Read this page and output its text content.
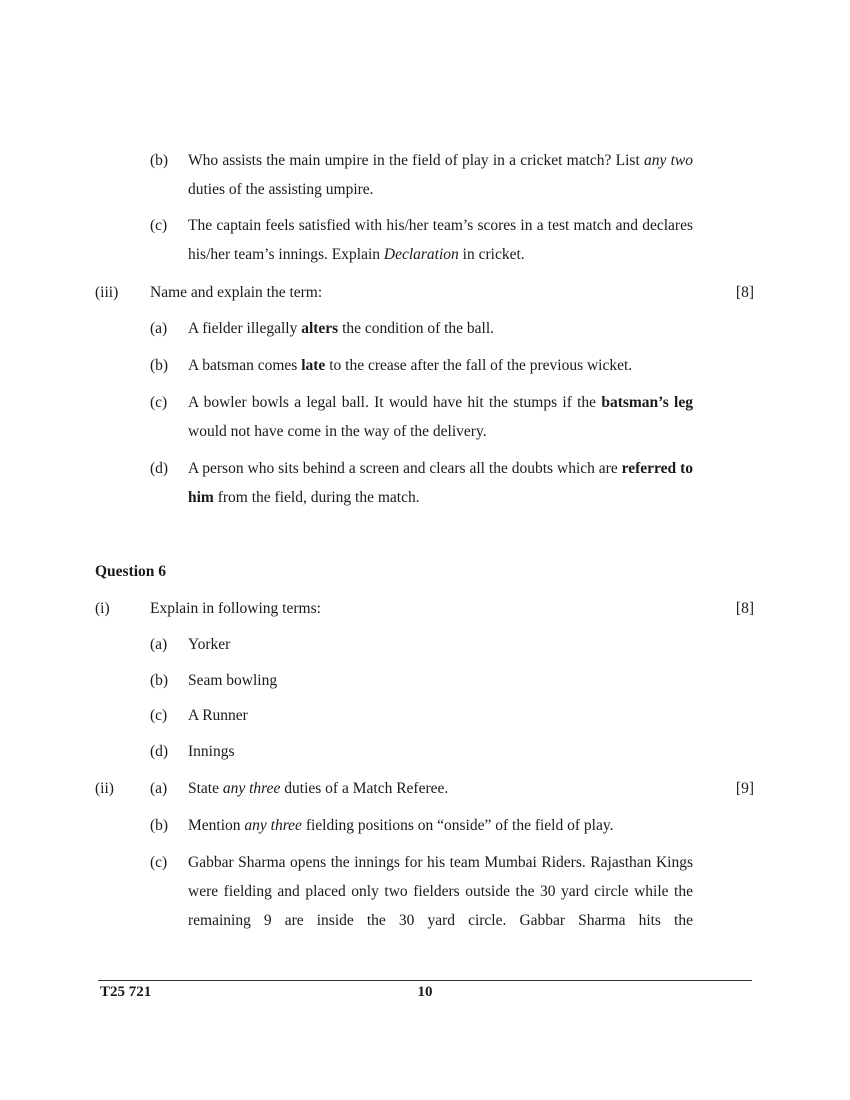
(b)	Who assists the main umpire in the field of play in a cricket match? List any two duties of the assisting umpire.
(c)	The captain feels satisfied with his/her team’s scores in a test match and declares his/her team’s innings. Explain Declaration in cricket.
(iii)	Name and explain the term:	[8]
(a)	A fielder illegally alters the condition of the ball.
(b)	A batsman comes late to the crease after the fall of the previous wicket.
(c)	A bowler bowls a legal ball. It would have hit the stumps if the batsman’s leg would not have come in the way of the delivery.
(d)	A person who sits behind a screen and clears all the doubts which are referred to him from the field, during the match.
Question 6
(i)	Explain in following terms:	[8]
(a)	Yorker
(b)	Seam bowling
(c)	A Runner
(d)	Innings
(ii)	[9]
(a)	State any three duties of a Match Referee.
(b)	Mention any three fielding positions on “onside” of the field of play.
(c)	Gabbar Sharma opens the innings for his team Mumbai Riders. Rajasthan Kings were fielding and placed only two fielders outside the 30 yard circle while the remaining 9 are inside the 30 yard circle. Gabbar Sharma hits the
T25 721	10
